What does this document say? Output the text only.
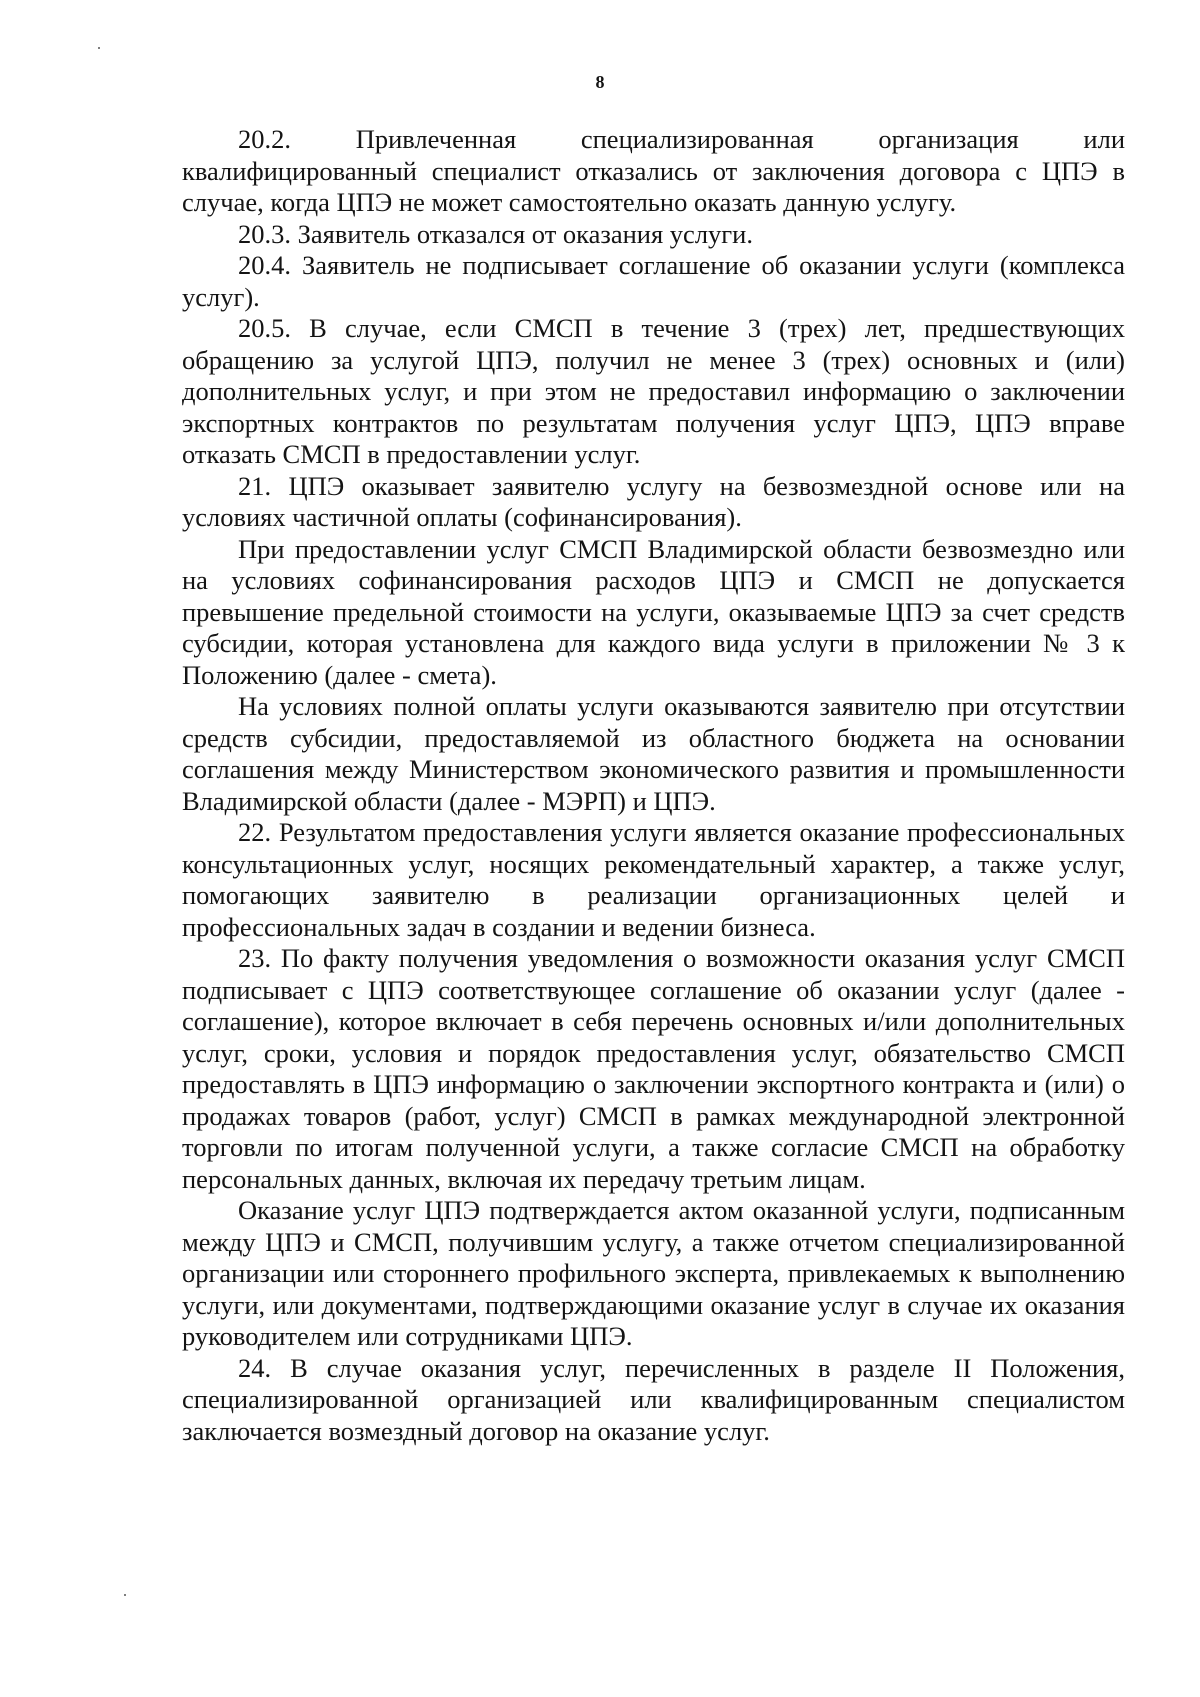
8

20.2. Привлеченная специализированная организация или квалифицированный специалист отказались от заключения договора с ЦПЭ в случае, когда ЦПЭ не может самостоятельно оказать данную услугу.

20.3. Заявитель отказался от оказания услуги.

20.4. Заявитель не подписывает соглашение об оказании услуги (комплекса услуг).

20.5. В случае, если СМСП в течение 3 (трех) лет, предшествующих обращению за услугой ЦПЭ, получил не менее 3 (трех) основных и (или) дополнительных услуг, и при этом не предоставил информацию о заключении экспортных контрактов по результатам получения услуг ЦПЭ, ЦПЭ вправе отказать СМСП в предоставлении услуг.

21. ЦПЭ оказывает заявителю услугу на безвозмездной основе или на условиях частичной оплаты (софинансирования).

При предоставлении услуг СМСП Владимирской области безвозмездно или на условиях софинансирования расходов ЦПЭ и СМСП не допускается превышение предельной стоимости на услуги, оказываемые ЦПЭ за счет средств субсидии, которая установлена для каждого вида услуги в приложении № 3 к Положению (далее - смета).

На условиях полной оплаты услуги оказываются заявителю при отсутствии средств субсидии, предоставляемой из областного бюджета на основании соглашения между Министерством экономического развития и промышленности Владимирской области (далее - МЭРП) и ЦПЭ.

22. Результатом предоставления услуги является оказание профессиональных консультационных услуг, носящих рекомендательный характер, а также услуг, помогающих заявителю в реализации организационных целей и профессиональных задач в создании и ведении бизнеса.

23. По факту получения уведомления о возможности оказания услуг СМСП подписывает с ЦПЭ соответствующее соглашение об оказании услуг (далее - соглашение), которое включает в себя перечень основных и/или дополнительных услуг, сроки, условия и порядок предоставления услуг, обязательство СМСП предоставлять в ЦПЭ информацию о заключении экспортного контракта и (или) о продажах товаров (работ, услуг) СМСП в рамках международной электронной торговли по итогам полученной услуги, а также согласие СМСП на обработку персональных данных, включая их передачу третьим лицам.

Оказание услуг ЦПЭ подтверждается актом оказанной услуги, подписанным между ЦПЭ и СМСП, получившим услугу, а также отчетом специализированной организации или стороннего профильного эксперта, привлекаемых к выполнению услуги, или документами, подтверждающими оказание услуг в случае их оказания руководителем или сотрудниками ЦПЭ.

24. В случае оказания услуг, перечисленных в разделе II Положения, специализированной организацией или квалифицированным специалистом заключается возмездный договор на оказание услуг.
